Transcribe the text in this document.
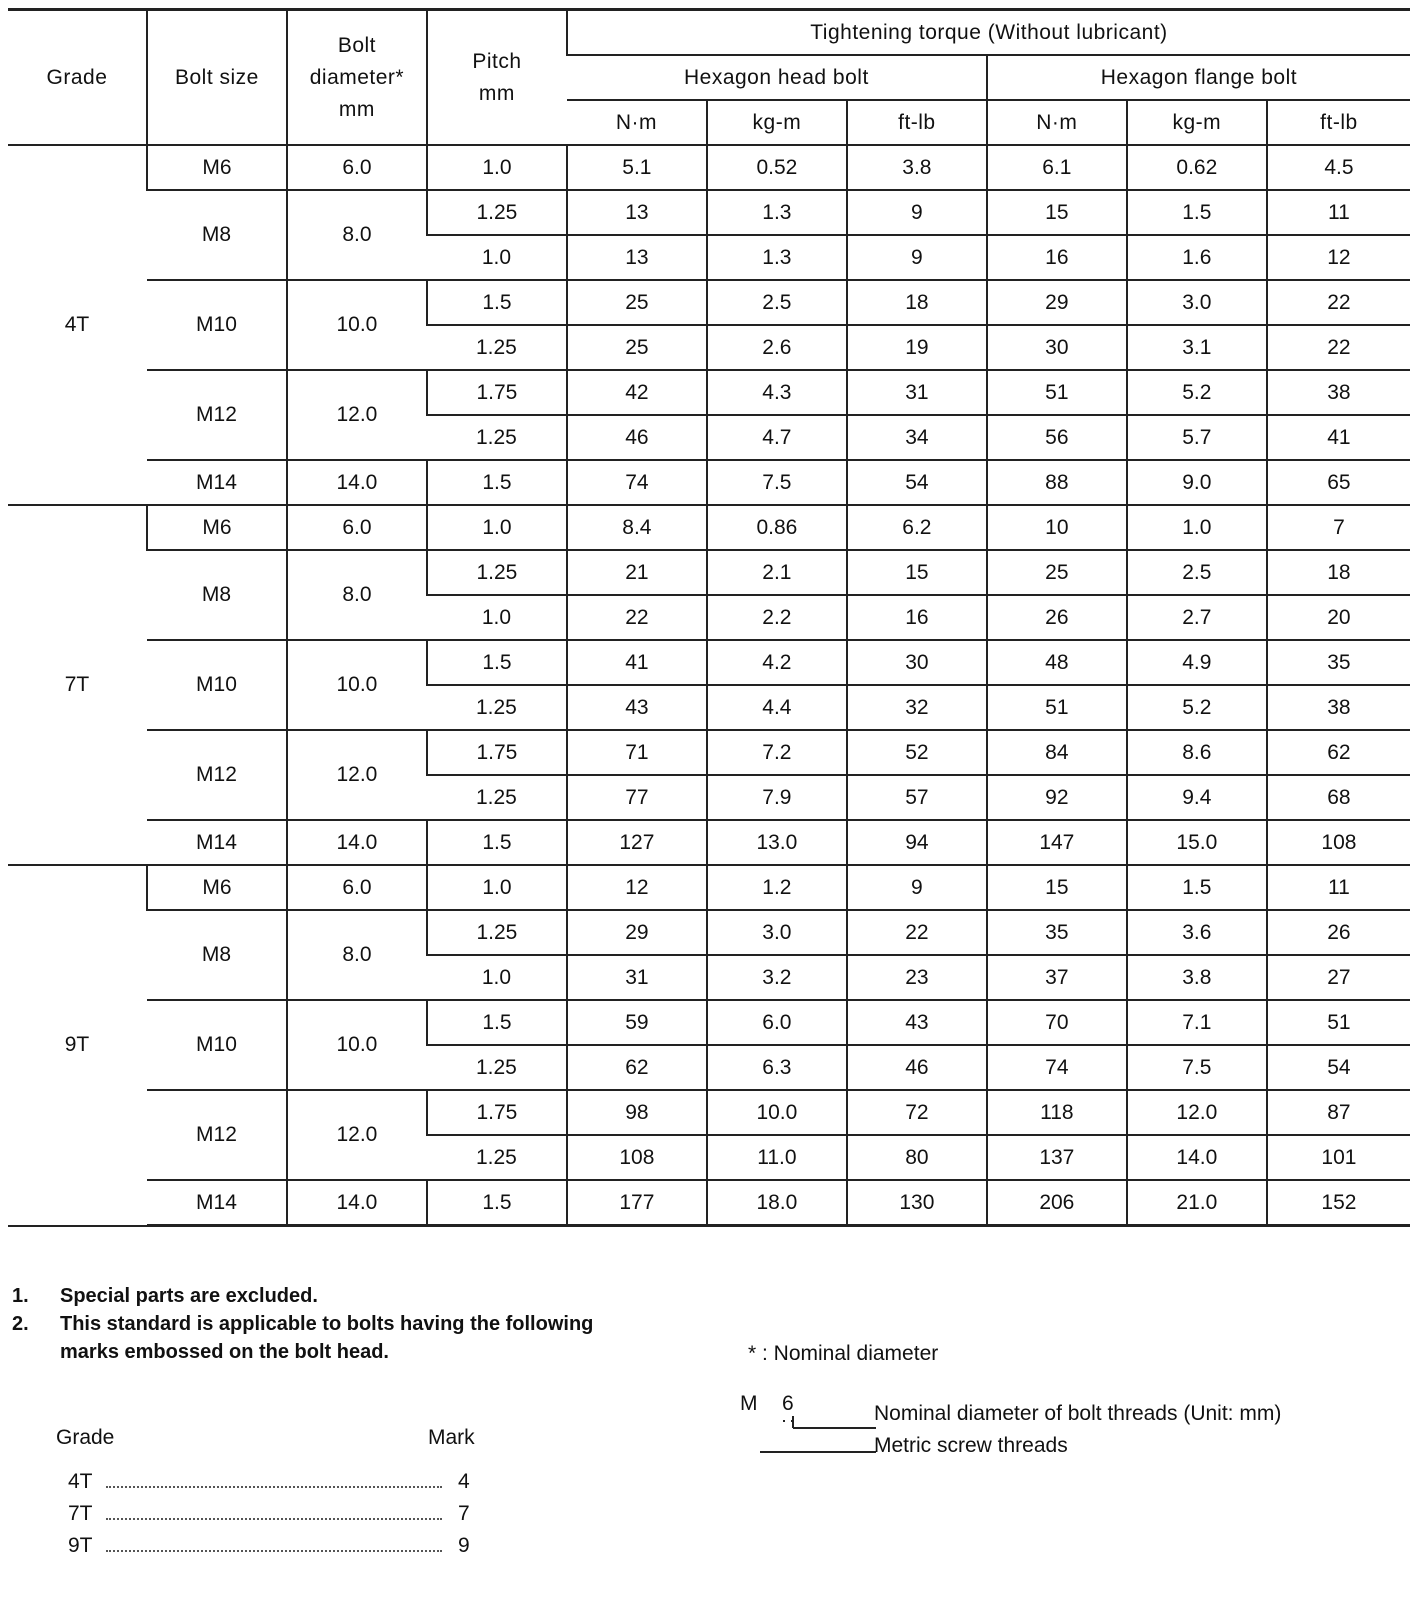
Grade	Bolt size	Bolt diameter* mm	Pitch mm	Tightening torque (Without lubricant)					
				Hexagon head bolt			Hexagon flange bolt		
				N·m	kg-m	ft-lb	N·m	kg-m	ft-lb
4T	M6	6.0	1.0	5.1	0.52	3.8	6.1	0.62	4.5
	M8	8.0	1.25	13	1.3	9	15	1.5	11
			1.0	13	1.3	9	16	1.6	12
	M10	10.0	1.5	25	2.5	18	29	3.0	22
			1.25	25	2.6	19	30	3.1	22
	M12	12.0	1.75	42	4.3	31	51	5.2	38
			1.25	46	4.7	34	56	5.7	41
	M14	14.0	1.5	74	7.5	54	88	9.0	65
7T	M6	6.0	1.0	8.4	0.86	6.2	10	1.0	7
	M8	8.0	1.25	21	2.1	15	25	2.5	18
			1.0	22	2.2	16	26	2.7	20
	M10	10.0	1.5	41	4.2	30	48	4.9	35
			1.25	43	4.4	32	51	5.2	38
	M12	12.0	1.75	71	7.2	52	84	8.6	62
			1.25	77	7.9	57	92	9.4	68
	M14	14.0	1.5	127	13.0	94	147	15.0	108
9T	M6	6.0	1.0	12	1.2	9	15	1.5	11
	M8	8.0	1.25	29	3.0	22	35	3.6	26
			1.0	31	3.2	23	37	3.8	27
	M10	10.0	1.5	59	6.0	43	70	7.1	51
			1.25	62	6.3	46	74	7.5	54
	M12	12.0	1.75	98	10.0	72	118	12.0	87
			1.25	108	11.0	80	137	14.0	101
	M14	14.0	1.5	177	18.0	130	206	21.0	152
1.	Special parts are excluded.
2.	This standard is applicable to bolts having the following
marks embossed on the bolt head.
Grade	Mark
4T	4
7T	7
9T	9
* : Nominal diameter
M 6	Nominal diameter of bolt threads (Unit: mm)
Metric screw threads
